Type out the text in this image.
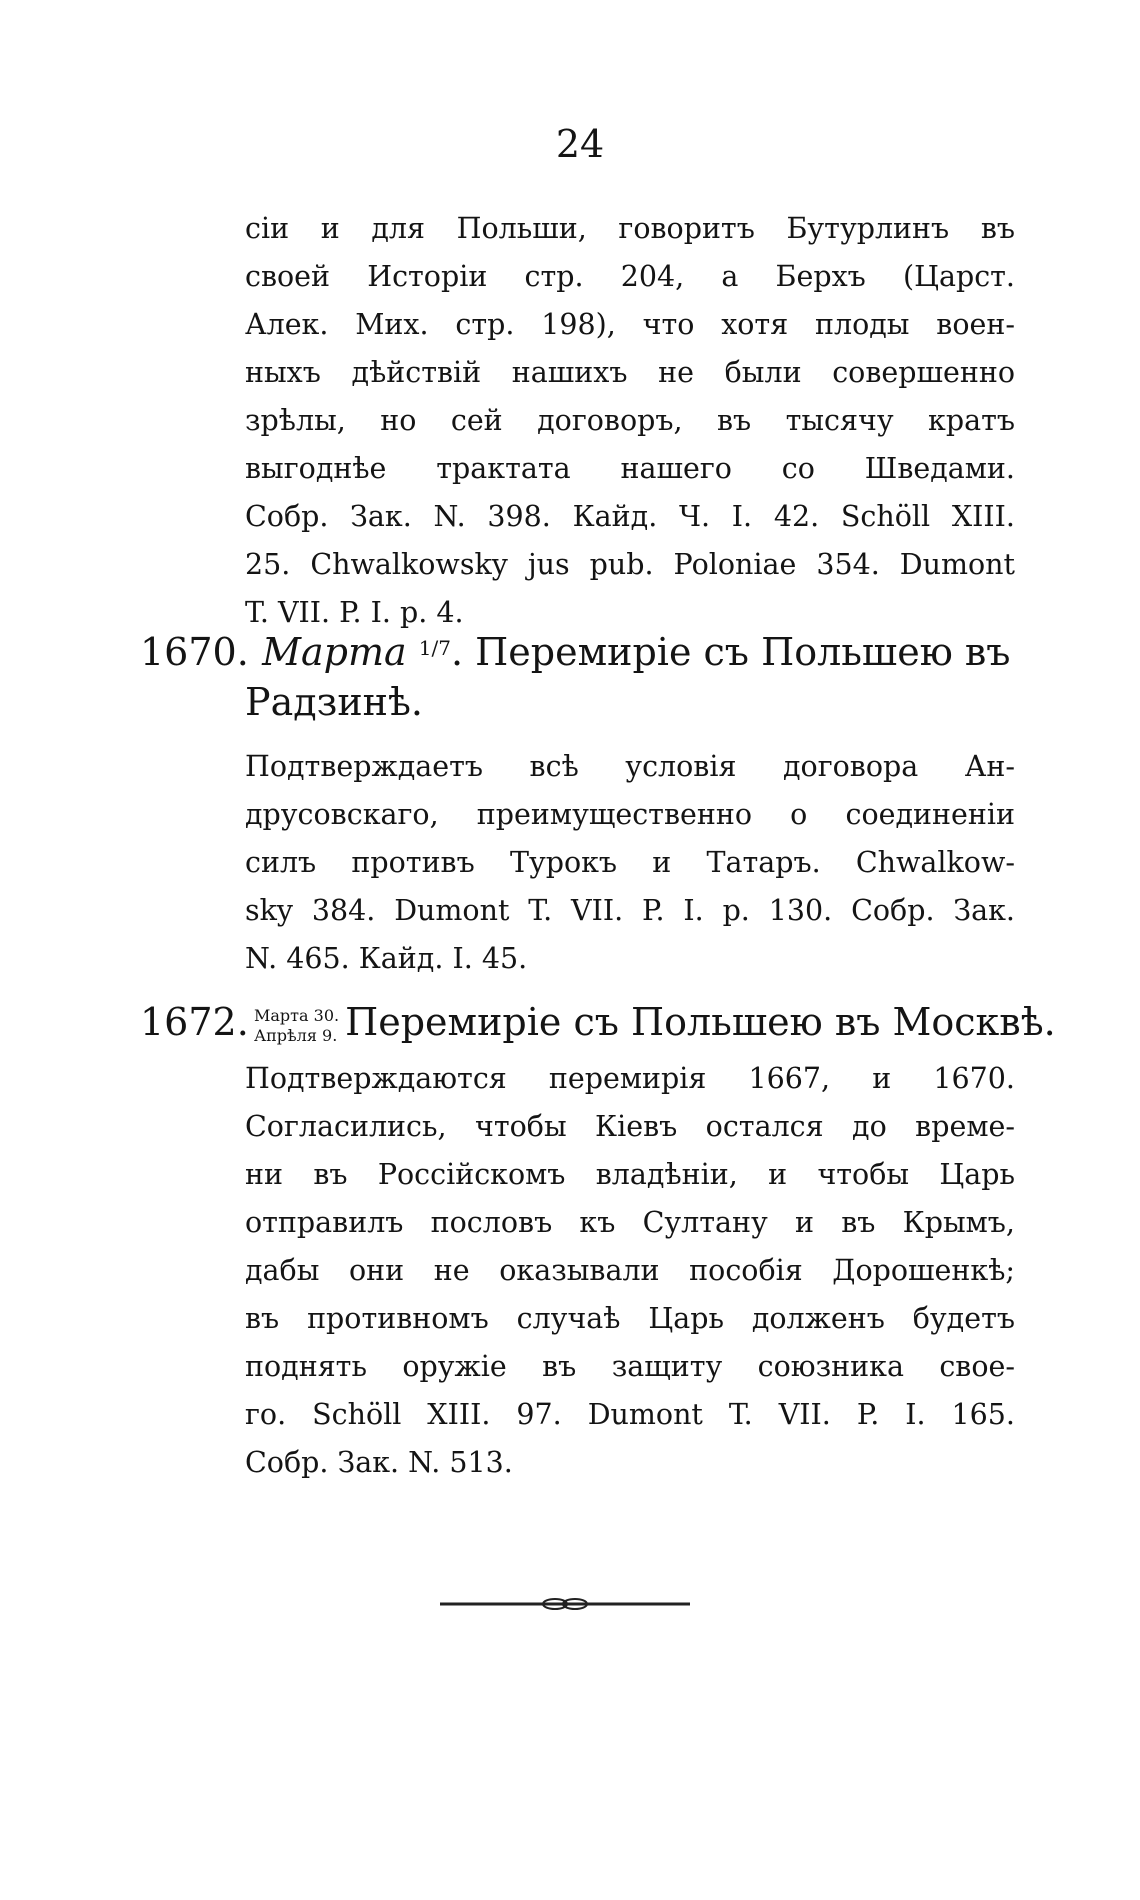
24
сіи и для Польши, говоритъ Бутурлинъ въ
своей Исторіи стр. 204, а Берхъ (Царст.
Алек. Мих. стр. 198), что хотя плоды воен-
ныхъ дѣйствій нашихъ не были совершенно
зрѣлы, но сей договоръ, въ тысячу кратъ
выгоднѣе трактата нашего со Шведами.
Собр. Зак. N. 398. Кайд. Ч. I. 42. Schöll XIII.
25. Chwalkowsky jus pub. Poloniae 354. Dumont
T. VII. P. I. p. 4.
1670. Марта $^{1/7}$. Перемиріе съ Польшею въ
Радзинѣ.
Подтверждаетъ всѣ условія договора Ан-
друсовскаго, преимущественно о соединеніи
силъ противъ Турокъ и Татаръ. Chwalkow-
sky 384. Dumont T. VII. P. I. p. 130. Собр. Зак.
N. 465. Кайд. I. 45.
1672. Марта 30.
Апрѣля 9. Перемиріе съ Польшею въ Москвѣ.
Подтверждаются перемирія 1667, и 1670.
Согласились, чтобы Кіевъ остался до време-
ни въ Россійскомъ владѣніи, и чтобы Царь
отправилъ пословъ къ Султану и въ Крымъ,
дабы они не оказывали пособія Дорошенкѣ;
въ противномъ случаѣ Царь долженъ будетъ
поднять оружіе въ защиту союзника свое-
го. Schöll XIII. 97. Dumont T. VII. P. I. 165.
Собр. Зак. N. 513.
